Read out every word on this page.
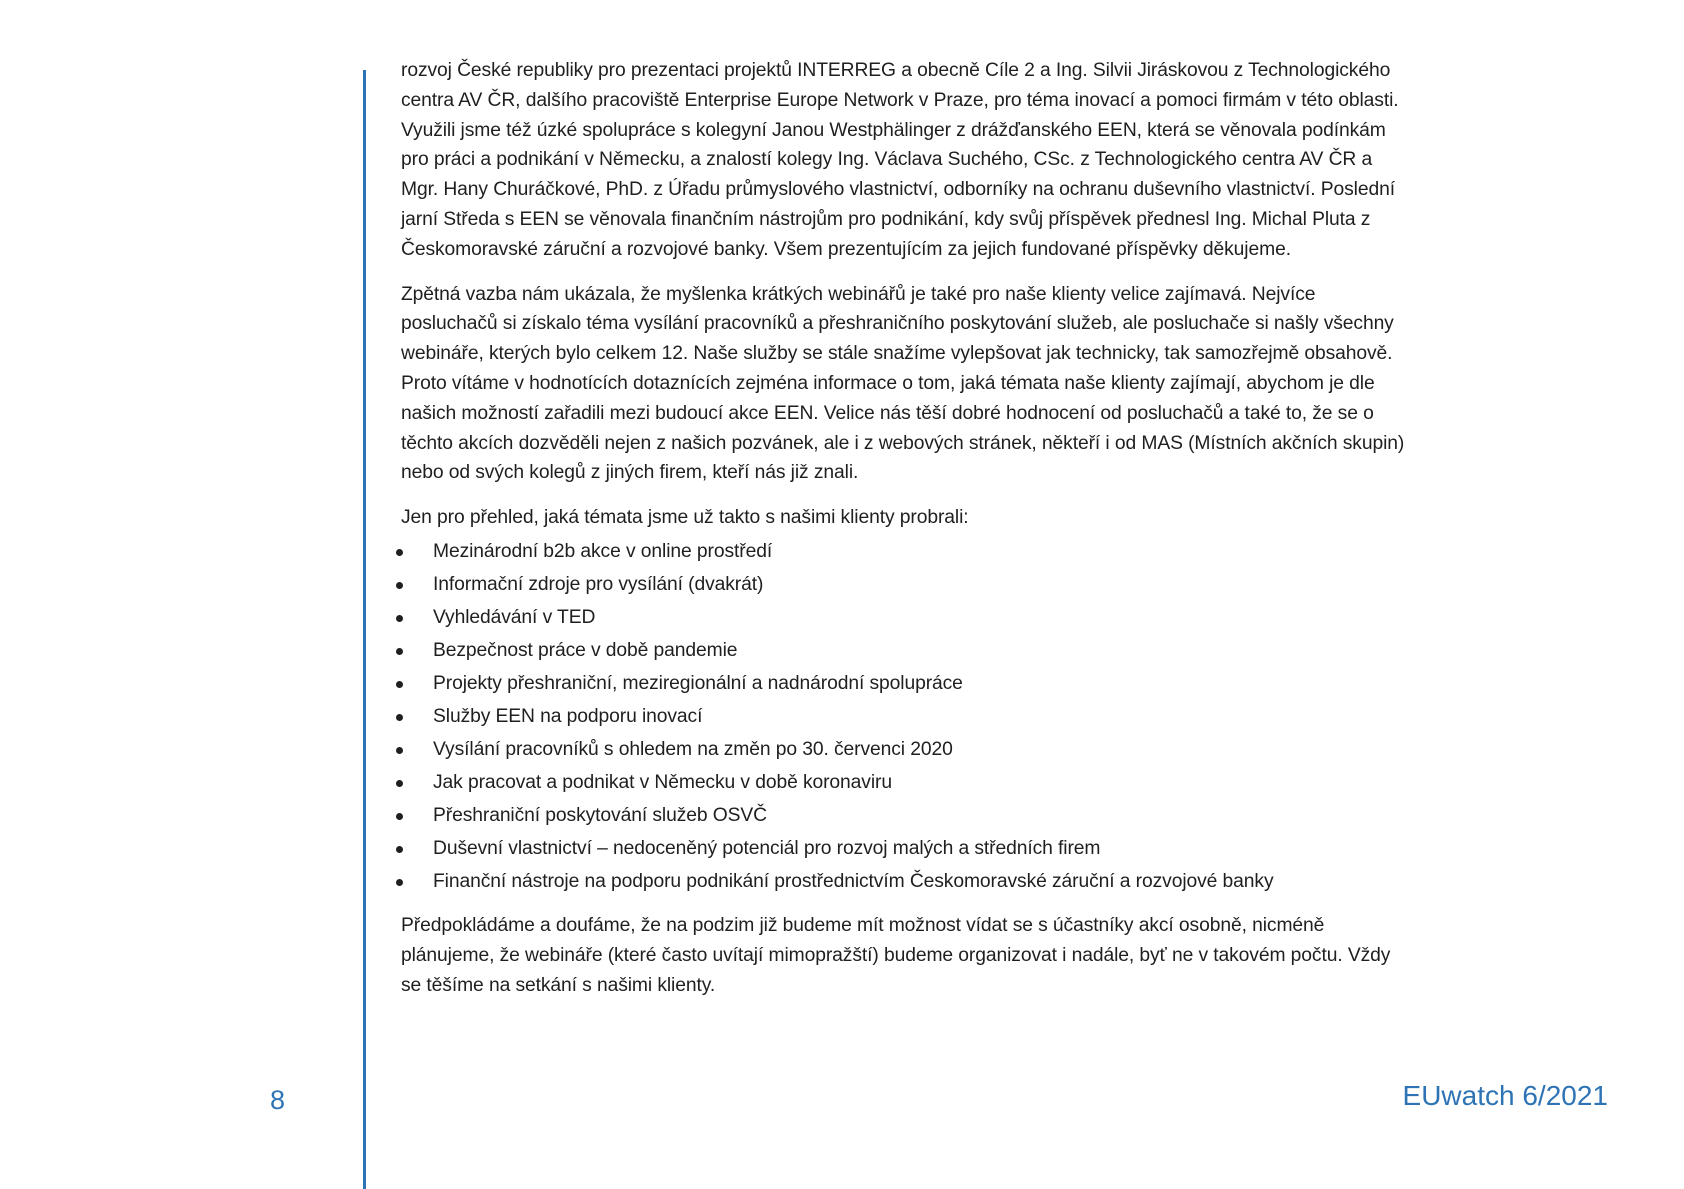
rozvoj České republiky pro prezentaci projektů INTERREG a obecně Cíle 2 a Ing. Silvii Jiráskovou z Technologického centra AV ČR, dalšího pracoviště Enterprise Europe Network v Praze, pro téma inovací a pomoci firmám v této oblasti. Využili jsme též úzké spolupráce s kolegyní Janou Westphälinger z drážďanského EEN, která se věnovala podínkám pro práci a podnikání v Německu, a znalostí kolegy Ing. Václava Suchého, CSc. z Technologického centra AV ČR a Mgr. Hany Churáčkové, PhD. z Úřadu průmyslového vlastnictví, odborníky na ochranu duševního vlastnictví. Poslední jarní Středa s EEN se věnovala finančním nástrojům pro podnikání, kdy svůj příspěvek přednesl Ing. Michal Pluta z Českomoravské záruční a rozvojové banky. Všem prezentujícím za jejich fundované příspěvky děkujeme.

Zpětná vazba nám ukázala, že myšlenka krátkých webinářů je také pro naše klienty velice zajímavá. Nejvíce posluchačů si získalo téma vysílání pracovníků a přeshraničního poskytování služeb, ale posluchače si našly všechny webináře, kterých bylo celkem 12. Naše služby se stále snažíme vylepšovat jak technicky, tak samozřejmě obsahově. Proto vítáme v hodnotících dotaznících zejména informace o tom, jaká témata naše klienty zajímají, abychom je dle našich možností zařadili mezi budoucí akce EEN. Velice nás těší dobré hodnocení od posluchačů a také to, že se o těchto akcích dozvěděli nejen z našich pozvánek, ale i z webových stránek, někteří i od MAS (Místních akčních skupin) nebo od svých kolegů z jiných firem, kteří nás již znali.

Jen pro přehled, jaká témata jsme už takto s našimi klienty probrali:

Mezinárodní b2b akce v online prostředí
Informační zdroje pro vysílání (dvakrát)
Vyhledávání v TED
Bezpečnost práce v době pandemie
Projekty přeshraniční, meziregionální a nadnárodní spolupráce
Služby EEN na podporu inovací
Vysílání pracovníků s ohledem na změn po 30. červenci 2020
Jak pracovat a podnikat v Německu v době koronaviru
Přeshraniční poskytování služeb OSVČ
Duševní vlastnictví – nedoceněný potenciál pro rozvoj malých a středních firem
Finanční nástroje na podporu podnikání prostřednictvím Českomoravské záruční a rozvojové banky

Předpokládáme a doufáme, že na podzim již budeme mít možnost vídat se s účastníky akcí osobně, nicméně plánujeme, že webináře (které často uvítají mimopražští) budeme organizovat i nadále, byť ne v takovém počtu. Vždy se těšíme na setkání s našimi klienty.

8	EUwatch 6/2021
